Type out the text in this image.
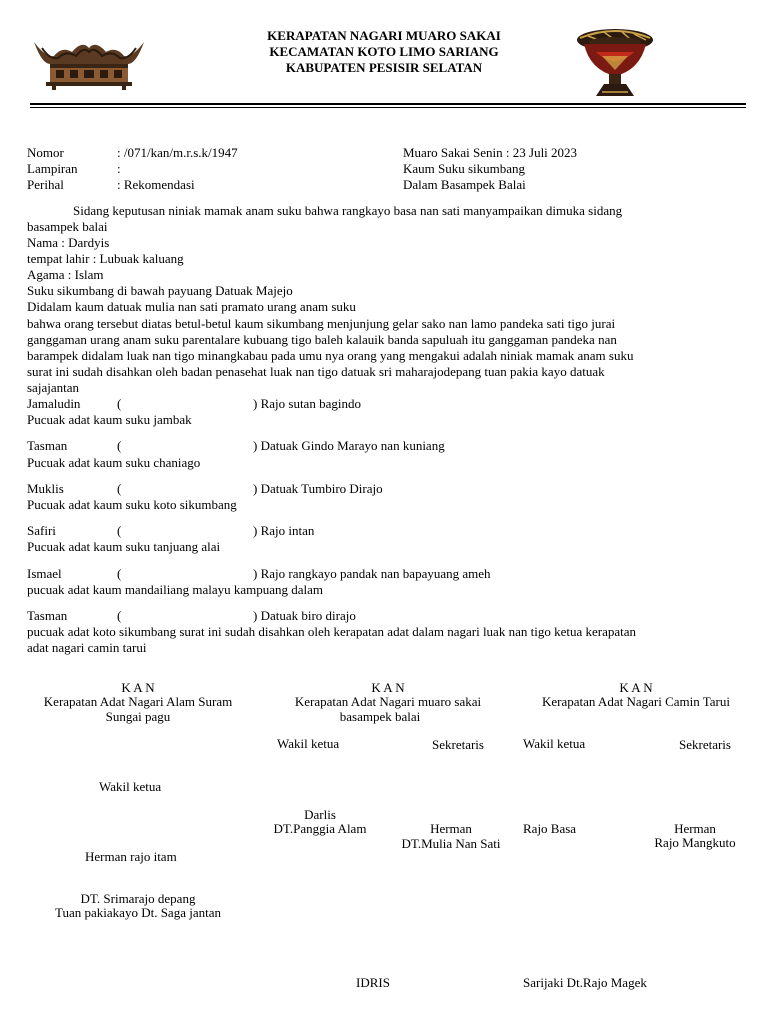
KERAPATAN NAGARI MUARO SAKAI
KECAMATAN KOTO LIMO SARIANG
KABUPATEN PESISIR SELATAN
Nomor	: /071/kan/m.r.s.k/1947
Lampiran	:
Perihal	: Rekomendasi
Muaro Sakai Senin : 23 Juli 2023
Kaum Suku sikumbang
Dalam Basampek Balai
Sidang keputusan niniak mamak anam suku bahwa rangkayo basa nan sati manyampaikan dimuka sidang
basampek balai
Nama : Dardyis
tempat lahir : Lubuak kaluang
Agama : Islam
Suku sikumbang di bawah payuang Datuak Majejo
Didalam kaum datuak mulia nan sati pramato urang anam suku
bahwa orang tersebut diatas betul-betul kaum sikumbang menjunjung gelar sako nan lamo pandeka sati tigo jurai
ganggaman urang anam suku parentalare kubuang tigo baleh kalauik banda sapuluah itu ganggaman pandeka nan
barampek didalam luak nan tigo minangkabau pada umu nya orang yang mengakui adalah niniak mamak anam suku
surat ini sudah disahkan oleh badan penasehat luak nan tigo datuak sri maharajodepang tuan pakia kayo datuak
sajajantan
Jamaludin	(	) Rajo sutan bagindo
Pucuak adat kaum suku jambak
Tasman	(	) Datuak Gindo Marayo nan kuniang
Pucuak adat kaum suku chaniago
Muklis	(	) Datuak Tumbiro Dirajo
Pucuak adat kaum suku koto sikumbang
Safiri	(	) Rajo intan
Pucuak adat kaum suku tanjuang alai
Ismael	(	) Rajo rangkayo pandak nan bapayuang ameh
pucuak adat kaum mandailiang malayu kampuang dalam
Tasman	(	) Datuak biro dirajo
pucuak adat koto sikumbang surat ini sudah disahkan oleh kerapatan adat dalam nagari luak nan tigo ketua kerapatan
adat nagari camin tarui
K A N
Kerapatan Adat Nagari Alam Suram
Sungai pagu
Wakil ketua
Herman rajo itam
DT. Srimarajo depang
Tuan pakiakayo Dt. Saga jantan
K A N
Kerapatan Adat Nagari muaro sakai
basampek balai
Wakil ketua	Sekretaris
Darlis
DT.Panggia Alam	Herman
DT.Mulia Nan Sati
IDRIS
K A N
Kerapatan Adat Nagari Camin Tarui
Wakil ketua	Sekretaris
Rajo Basa	Herman
Rajo Mangkuto
Sarijaki Dt.Rajo Magek
